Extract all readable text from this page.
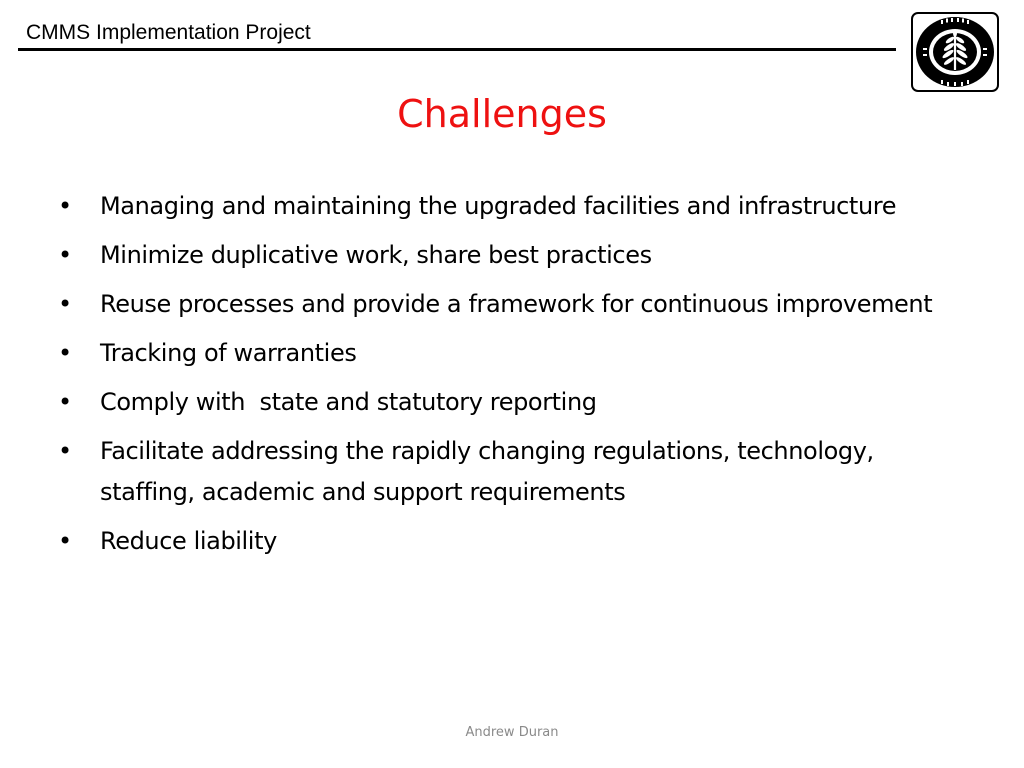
CMMS Implementation Project
Challenges
• Managing and maintaining the upgraded facilities and infrastructure
• Minimize duplicative work, share best practices
• Reuse processes and provide a framework for continuous improvement
• Tracking of warranties
• Comply with  state and statutory reporting
• Facilitate addressing the rapidly changing regulations, technology, staffing, academic and support requirements
• Reduce liability
Andrew Duran
